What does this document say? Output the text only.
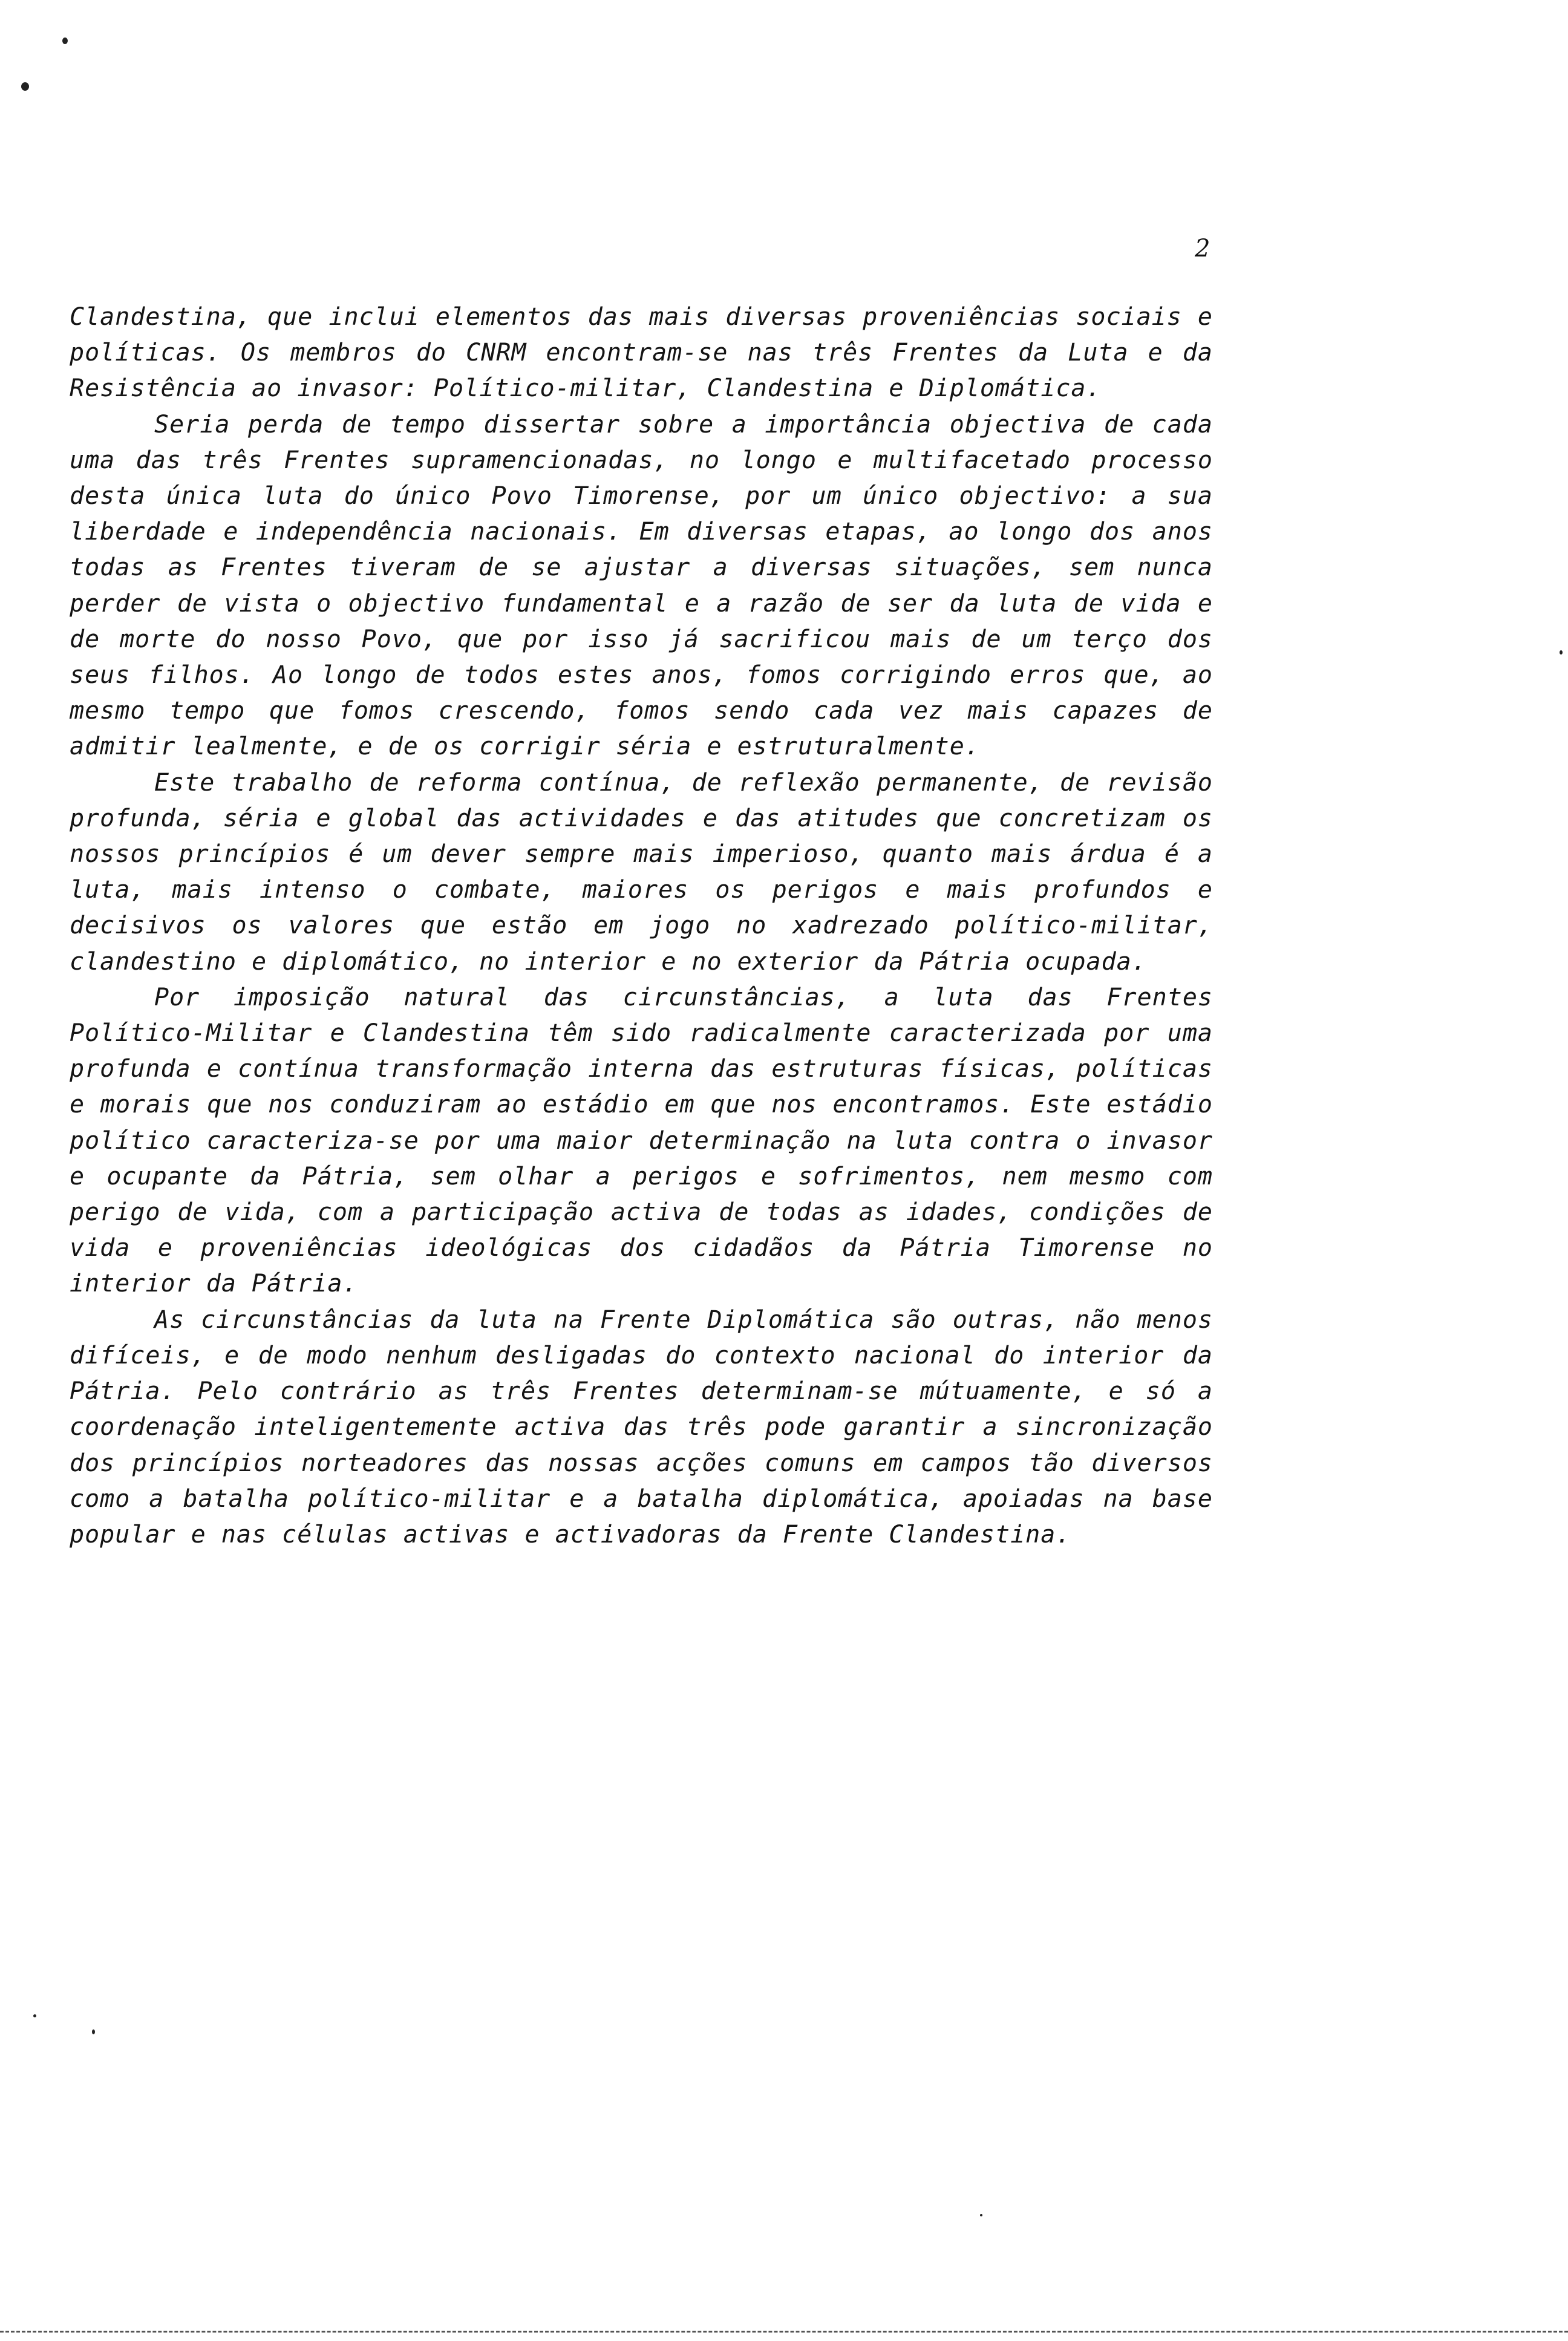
2

Clandestina, que inclui elementos das mais diversas proveniências sociais e políticas. Os membros do CNRM encontram-se nas três Frentes da Luta e da Resistência ao invasor: Político-militar, Clandestina e Diplomática.

Seria perda de tempo dissertar sobre a importância objectiva de cada uma das três Frentes supramencionadas, no longo e multifacetado processo desta única luta do único Povo Timorense, por um único objectivo: a sua liberdade e independência nacionais. Em diversas etapas, ao longo dos anos todas as Frentes tiveram de se ajustar a diversas situações, sem nunca perder de vista o objectivo fundamental e a razão de ser da luta de vida e de morte do nosso Povo, que por isso já sacrificou mais de um terço dos seus filhos. Ao longo de todos estes anos, fomos corrigindo erros que, ao mesmo tempo que fomos crescendo, fomos sendo cada vez mais capazes de admitir lealmente, e de os corrigir séria e estruturalmente.

Este trabalho de reforma contínua, de reflexão permanente, de revisão profunda, séria e global das actividades e das atitudes que concretizam os nossos princípios é um dever sempre mais imperioso, quanto mais árdua é a luta, mais intenso o combate, maiores os perigos e mais profundos e decisivos os valores que estão em jogo no xadrezado político-militar, clandestino e diplomático, no interior e no exterior da Pátria ocupada.

Por imposição natural das circunstâncias, a luta das Frentes Político-Militar e Clandestina têm sido radicalmente caracterizada por uma profunda e contínua transformação interna das estruturas físicas, políticas e morais que nos conduziram ao estádio em que nos encontramos. Este estádio político caracteriza-se por uma maior determinação na luta contra o invasor e ocupante da Pátria, sem olhar a perigos e sofrimentos, nem mesmo com perigo de vida, com a participação activa de todas as idades, condições de vida e proveniências ideológicas dos cidadãos da Pátria Timorense no interior da Pátria.

As circunstâncias da luta na Frente Diplomática são outras, não menos difíceis, e de modo nenhum desligadas do contexto nacional do interior da Pátria. Pelo contrário as três Frentes determinam-se mútuamente, e só a coordenação inteligentemente activa das três pode garantir a sincronização dos princípios norteadores das nossas acções comuns em campos tão diversos como a batalha político-militar e a batalha diplomática, apoiadas na base popular e nas células activas e activadoras da Frente Clandestina.
